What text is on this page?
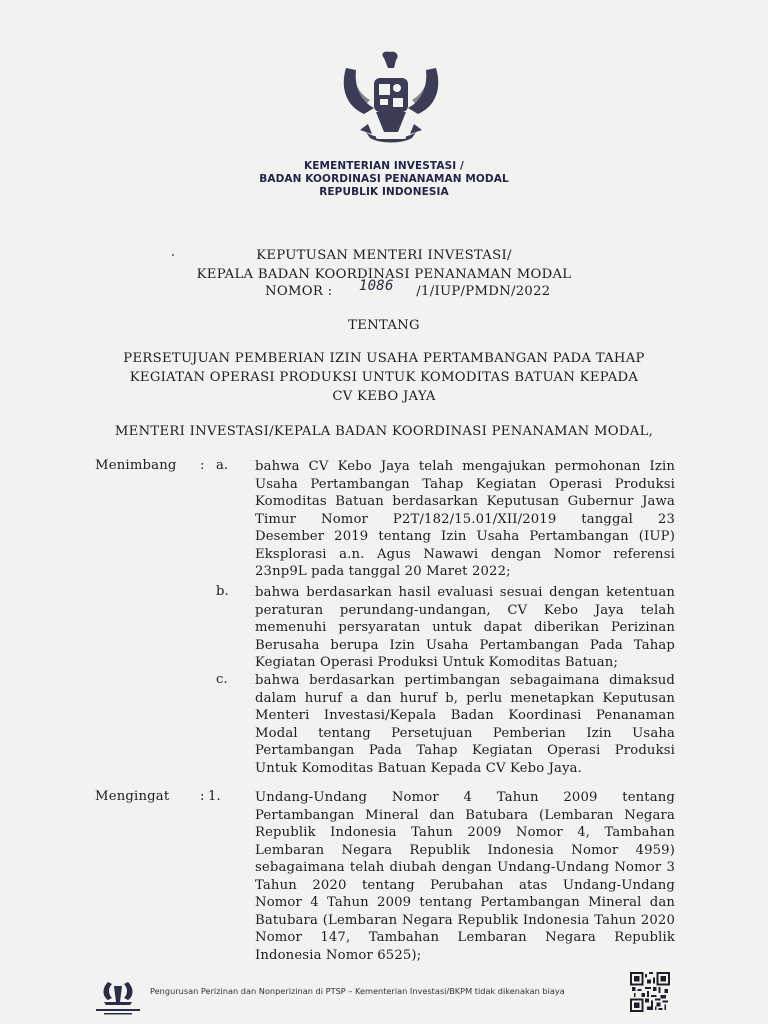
KEMENTERIAN INVESTASI /
BADAN KOORDINASI PENANAMAN MODAL
REPUBLIK INDONESIA
KEPUTUSAN MENTERI INVESTASI/
KEPALA BADAN KOORDINASI PENANAMAN MODAL
NOMOR : 1086 /1/IUP/PMDN/2022
TENTANG
PERSETUJUAN PEMBERIAN IZIN USAHA PERTAMBANGAN PADA TAHAP
KEGIATAN OPERASI PRODUKSI UNTUK KOMODITAS BATUAN KEPADA
CV KEBO JAYA
MENTERI INVESTASI/KEPALA BADAN KOORDINASI PENANAMAN MODAL,
Menimbang : a. bahwa CV Kebo Jaya telah mengajukan permohonan Izin
Usaha Pertambangan Tahap Kegiatan Operasi Produksi
Komoditas Batuan berdasarkan Keputusan Gubernur Jawa
Timur Nomor P2T/182/15.01/XII/2019 tanggal 23
Desember 2019 tentang Izin Usaha Pertambangan (IUP)
Eksplorasi a.n. Agus Nawawi dengan Nomor referensi
23np9L pada tanggal 20 Maret 2022;
b. bahwa berdasarkan hasil evaluasi sesuai dengan ketentuan
peraturan perundang-undangan, CV Kebo Jaya telah
memenuhi persyaratan untuk dapat diberikan Perizinan
Berusaha berupa Izin Usaha Pertambangan Pada Tahap
Kegiatan Operasi Produksi Untuk Komoditas Batuan;
c. bahwa berdasarkan pertimbangan sebagaimana dimaksud
dalam huruf a dan huruf b, perlu menetapkan Keputusan
Menteri Investasi/Kepala Badan Koordinasi Penanaman
Modal tentang Persetujuan Pemberian Izin Usaha
Pertambangan Pada Tahap Kegiatan Operasi Produksi
Untuk Komoditas Batuan Kepada CV Kebo Jaya.
Mengingat : 1.	Undang-Undang Nomor 4 Tahun 2009 tentang
Pertambangan Mineral dan Batubara (Lembaran Negara
Republik Indonesia Tahun 2009 Nomor 4, Tambahan
Lembaran Negara Republik Indonesia Nomor 4959)
sebagaimana telah diubah dengan Undang-Undang Nomor 3
Tahun 2020 tentang Perubahan atas Undang-Undang
Nomor 4 Tahun 2009 tentang Pertambangan Mineral dan
Batubara (Lembaran Negara Republik Indonesia Tahun 2020
Nomor 147, Tambahan Lembaran Negara Republik
Indonesia Nomor 6525);
Pengurusan Perizinan dan Nonperizinan di PTSP – Kementerian Investasi/BKPM tidak dikenakan biaya
